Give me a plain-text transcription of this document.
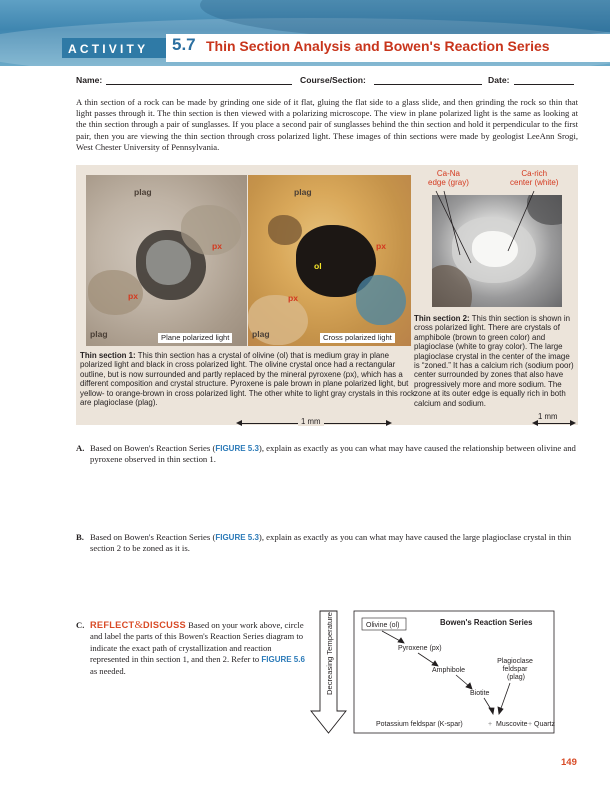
ACTIVITY 5.7 Thin Section Analysis and Bowen's Reaction Series
Name:	Course/Section:	Date:
A thin section of a rock can be made by grinding one side of it flat, gluing the flat side to a glass slide, and then grinding the rock so thin that light passes through it. The thin section is then viewed with a polarizing microscope. The view in plane polarized light is the same as looking at the thin section through a pair of sunglasses. If you place a second pair of sunglasses behind the thin section and hold it perpendicular to the first pair, then you are viewing the thin section through cross polarized light. These images of thin sections were made by geologist LeeAnn Srogi, West Chester University of Pennsylvania.
plag
px
px
plag	Plane polarized light
plag
px
ol
px
plag	Cross polarized light
Ca-Na
edge (gray)
Ca-rich
center (white)
Thin section 1: This thin section has a crystal of olivine (ol) that is medium gray in plane polarized light and black in cross polarized light. The olivine crystal once had a rectangular outline, but is now surrounded and partly replaced by the mineral pyroxene (px), which has a different composition and crystal structure. Pyroxene is pale brown in plane polarized light, but yellow- to orange-brown in cross polarized light. The other white to light gray crystals in this rock are plagioclase (plag).
Thin section 2: This thin section is shown in cross polarized light. There are crystals of amphibole (brown to green color) and plagioclase (white to gray color). The large plagioclase crystal in the center of the image is “zoned.” It has a calcium rich (sodium poor) center surrounded by zones that also have progressively more and more sodium. The zone at its outer edge is equally rich in both calcium and sodium.
1 mm
1 mm
A. Based on Bowen's Reaction Series (FIGURE 5.3), explain as exactly as you can what may have caused the relationship between olivine and pyroxene observed in thin section 1.
B. Based on Bowen's Reaction Series (FIGURE 5.3), explain as exactly as you can what may have caused the large plagioclase crystal in thin section 2 to be zoned as it is.
C. REFLECT&DISCUSS Based on your work above, circle and label the parts of this Bowen's Reaction Series diagram to indicate the exact path of crystallization and reaction represented in thin section 1, and then 2. Refer to FIGURE 5.6 as needed.	Decreasing Temperature	Bowen's Reaction Series
Olivine (ol)
Pyroxene (px)
Amphibole
Biotite
Plagioclase feldspar (plag)
Potassium feldspar (K-spar)	+ Muscovite + Quartz
149
